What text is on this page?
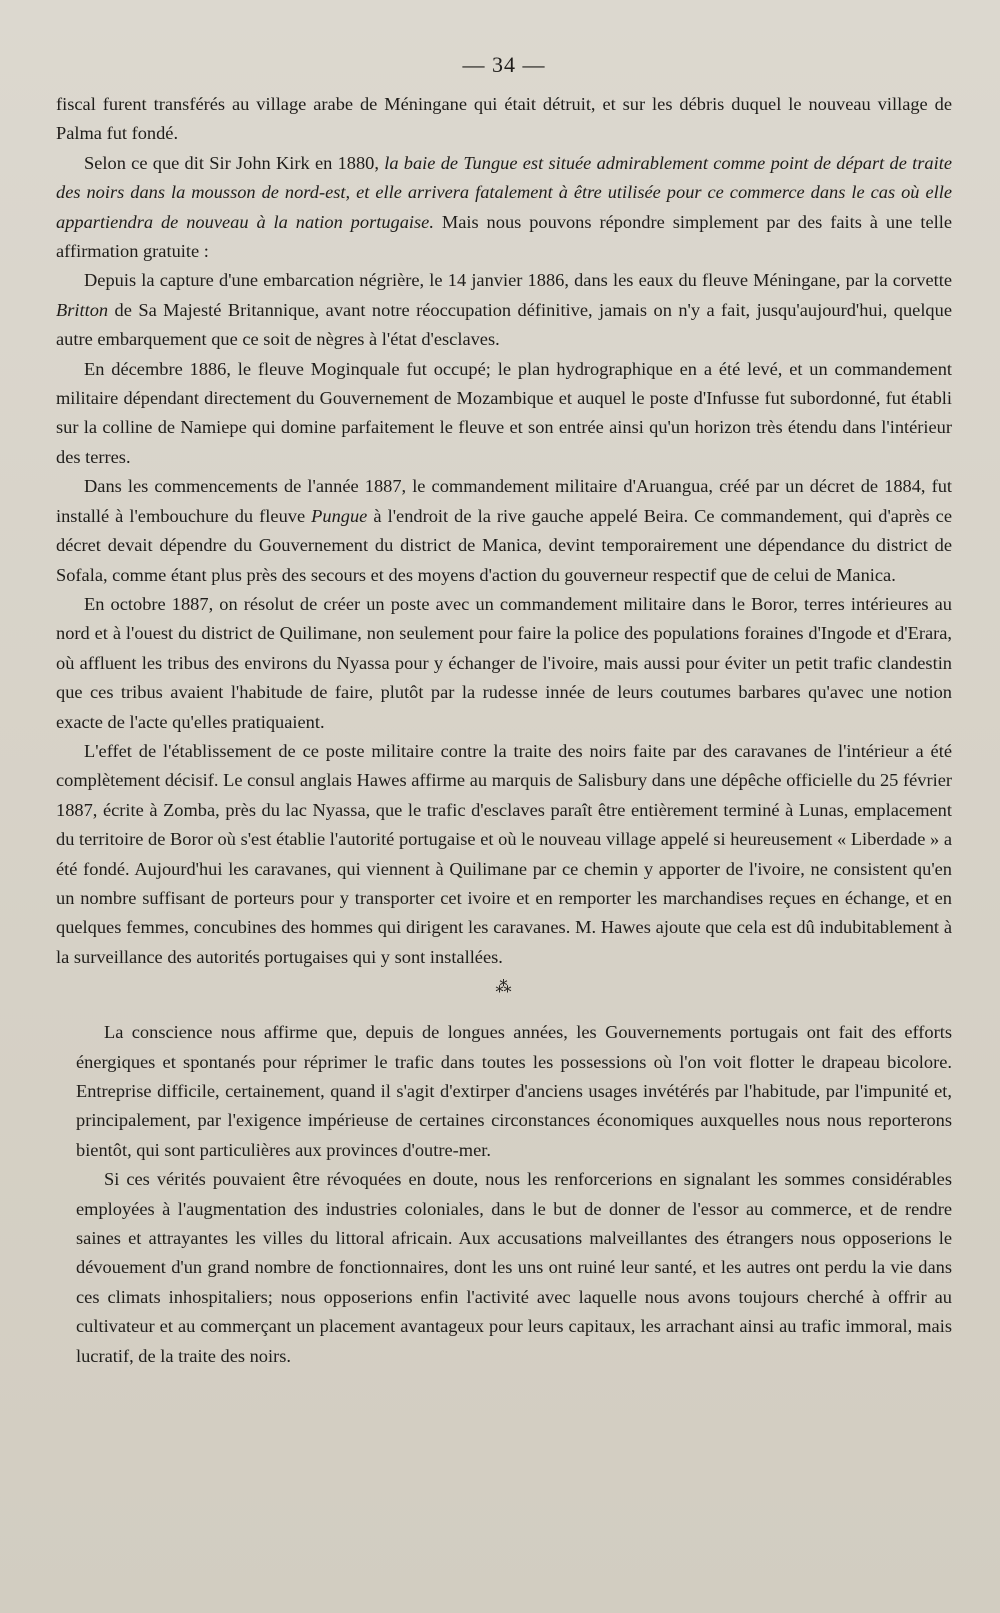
— 34 —

fiscal furent transférés au village arabe de Méningane qui était détruit, et sur les débris duquel le nouveau village de Palma fut fondé.

Selon ce que dit Sir John Kirk en 1880, la baie de Tungue est située admirablement comme point de départ de traite des noirs dans la mousson de nord-est, et elle arrivera fatalement à être utilisée pour ce commerce dans le cas où elle appartiendra de nouveau à la nation portugaise. Mais nous pouvons répondre simplement par des faits à une telle affirmation gratuite :

Depuis la capture d'une embarcation négrière, le 14 janvier 1886, dans les eaux du fleuve Méningane, par la corvette Britton de Sa Majesté Britannique, avant notre réoccupation définitive, jamais on n'y a fait, jusqu'aujourd'hui, quelque autre embarquement que ce soit de nègres à l'état d'esclaves.

En décembre 1886, le fleuve Moginquale fut occupé; le plan hydrographique en a été levé, et un commandement militaire dépendant directement du Gouvernement de Mozambique et auquel le poste d'Infusse fut subordonné, fut établi sur la colline de Namiepe qui domine parfaitement le fleuve et son entrée ainsi qu'un horizon très étendu dans l'intérieur des terres.

Dans les commencements de l'année 1887, le commandement militaire d'Aruangua, créé par un décret de 1884, fut installé à l'embouchure du fleuve Pungue à l'endroit de la rive gauche appelé Beira. Ce commandement, qui d'après ce décret devait dépendre du Gouvernement du district de Manica, devint temporairement une dépendance du district de Sofala, comme étant plus près des secours et des moyens d'action du gouverneur respectif que de celui de Manica.

En octobre 1887, on résolut de créer un poste avec un commandement militaire dans le Boror, terres intérieures au nord et à l'ouest du district de Quilimane, non seulement pour faire la police des populations foraines d'Ingode et d'Erara, où affluent les tribus des environs du Nyassa pour y échanger de l'ivoire, mais aussi pour éviter un petit trafic clandestin que ces tribus avaient l'habitude de faire, plutôt par la rudesse innée de leurs coutumes barbares qu'avec une notion exacte de l'acte qu'elles pratiquaient.

L'effet de l'établissement de ce poste militaire contre la traite des noirs faite par des caravanes de l'intérieur a été complètement décisif. Le consul anglais Hawes affirme au marquis de Salisbury dans une dépêche officielle du 25 février 1887, écrite à Zomba, près du lac Nyassa, que le trafic d'esclaves paraît être entièrement terminé à Lunas, emplacement du territoire de Boror où s'est établie l'autorité portugaise et où le nouveau village appelé si heureusement « Liberdade » a été fondé. Aujourd'hui les caravanes, qui viennent à Quilimane par ce chemin y apporter de l'ivoire, ne consistent qu'en un nombre suffisant de porteurs pour y transporter cet ivoire et en remporter les marchandises reçues en échange, et en quelques femmes, concubines des hommes qui dirigent les caravanes. M. Hawes ajoute que cela est dû indubitablement à la surveillance des autorités portugaises qui y sont installées.

⁂

La conscience nous affirme que, depuis de longues années, les Gouvernements portugais ont fait des efforts énergiques et spontanés pour réprimer le trafic dans toutes les possessions où l'on voit flotter le drapeau bicolore. Entreprise difficile, certainement, quand il s'agit d'extirper d'anciens usages invétérés par l'habitude, par l'impunité et, principalement, par l'exigence impérieuse de certaines circonstances économiques auxquelles nous nous reporterons bientôt, qui sont particulières aux provinces d'outre-mer.

Si ces vérités pouvaient être révoquées en doute, nous les renforcerions en signalant les sommes considérables employées à l'augmentation des industries coloniales, dans le but de donner de l'essor au commerce, et de rendre saines et attrayantes les villes du littoral africain. Aux accusations malveillantes des étrangers nous opposerions le dévouement d'un grand nombre de fonctionnaires, dont les uns ont ruiné leur santé, et les autres ont perdu la vie dans ces climats inhospitaliers; nous opposerions enfin l'activité avec laquelle nous avons toujours cherché à offrir au cultivateur et au commerçant un placement avantageux pour leurs capitaux, les arrachant ainsi au trafic immoral, mais lucratif, de la traite des noirs.
